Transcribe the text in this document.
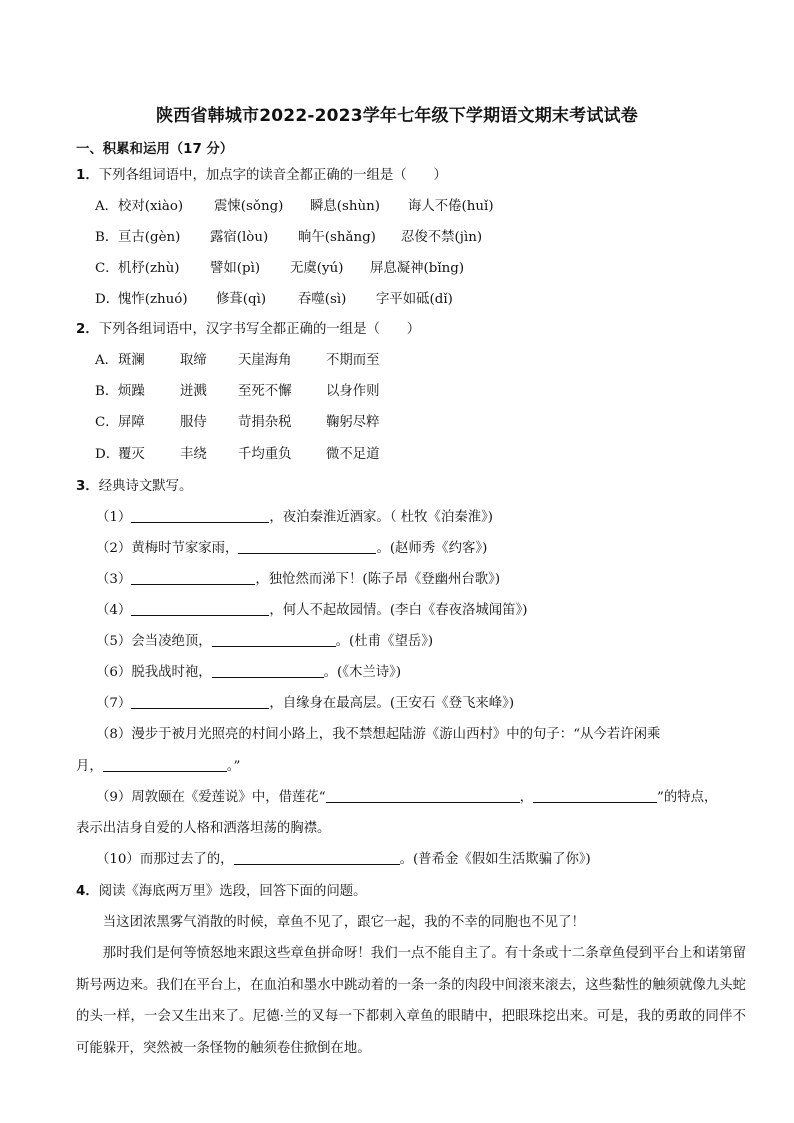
陕西省韩城市2022-2023学年七年级下学期语文期末考试试卷
一、积累和运用（17 分）
1．下列各组词语中，加点字的读音全都正确的一组是（　　）
A．校对(xiào) 震悚(sǒng) 瞬息(shùn) 诲人不倦(huǐ)
B．亘古(gèn) 露宿(lòu) 晌午(shǎng) 忍俊不禁(jìn)
C．机杼(zhù) 譬如(pì) 无虞(yú) 屏息凝神(bǐng)
D．愧怍(zhuó) 修葺(qì) 吞噬(sì) 字平如砥(dǐ)
2．下列各组词语中，汉字书写全都正确的一组是（　　）
A．斑澜	取缔 天崖海角	不期而至
B．烦躁	迸溅 至死不懈	以身作则
C．屏障	服侍 苛捐杂税	鞠躬尽粹
D．覆灭	丰绕 千均重负	微不足道
3．经典诗文默写。
（1）	，夜泊秦淮近酒家。（ 杜牧《泊秦淮》)
（2）黄梅时节家家雨，	。(赵师秀《约客》)
（3）	，独怆然而涕下！(陈子昂《登幽州台歌》)
（4）	，何人不起故园情。(李白《春夜洛城闻笛》)
（5）会当凌绝顶，	。(杜甫《望岳》)
（6）脱我战时袍，	。(《木兰诗》)
（7）	，自缘身在最高层。(王安石《登飞来峰》)
（8）漫步于被月光照亮的村间小路上，我不禁想起陆游《游山西村》中的句子：“从今若许闲乘
月，	。”
（9）周敦颐在《爱莲说》中，借莲花“	，	”的特点，
表示出洁身自爱的人格和洒落坦荡的胸襟。
（10）而那过去了的，	。(普希金《假如生活欺骗了你》)
4．阅读《海底两万里》选段，回答下面的问题。
当这团浓黑雾气消散的时候，章鱼不见了，跟它一起，我的不幸的同胞也不见了！
那时我们是何等愤怒地来跟这些章鱼拼命呀！我们一点不能自主了。有十条或十二条章鱼侵到平台上和诺第留斯号两边来。我们在平台上，在血泊和墨水中跳动着的一条一条的肉段中间滚来滚去，这些黏性的触须就像九头蛇的头一样，一会又生出来了。尼德·兰的叉每一下都刺入章鱼的眼睛中，把眼珠挖出来。可是，我的勇敢的同伴不可能躲开，突然被一条怪物的触须卷住掀倒在地。
